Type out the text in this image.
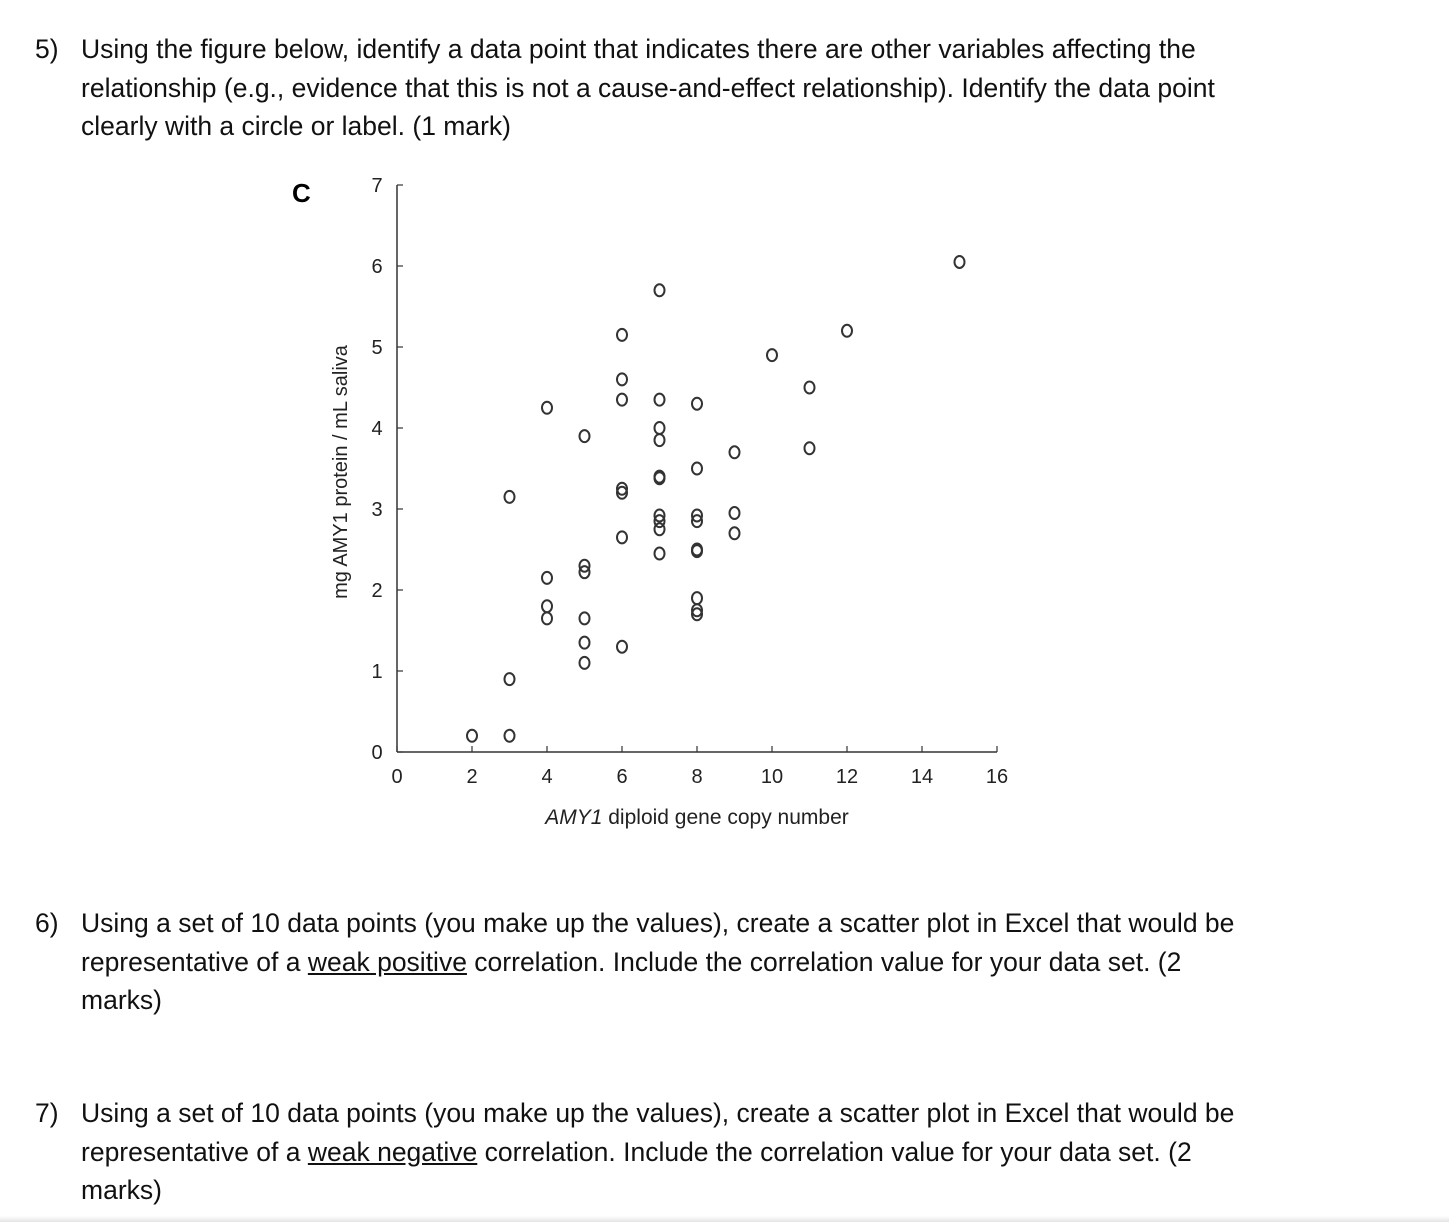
5) Using the figure below, identify a data point that indicates there are other variables affecting the relationship (e.g., evidence that this is not a cause-and-effect relationship). Identify the data point clearly with a circle or label. (1 mark)
C
0	2	4	6	8	10	12	14	16
0
1
2
3
4
5
6
7
mg AMY1 protein / mL saliva
AMY1 diploid gene copy number
6) Using a set of 10 data points (you make up the values), create a scatter plot in Excel that would be representative of a weak positive correlation. Include the correlation value for your data set. (2 marks)
7) Using a set of 10 data points (you make up the values), create a scatter plot in Excel that would be representative of a weak negative correlation. Include the correlation value for your data set. (2 marks)
